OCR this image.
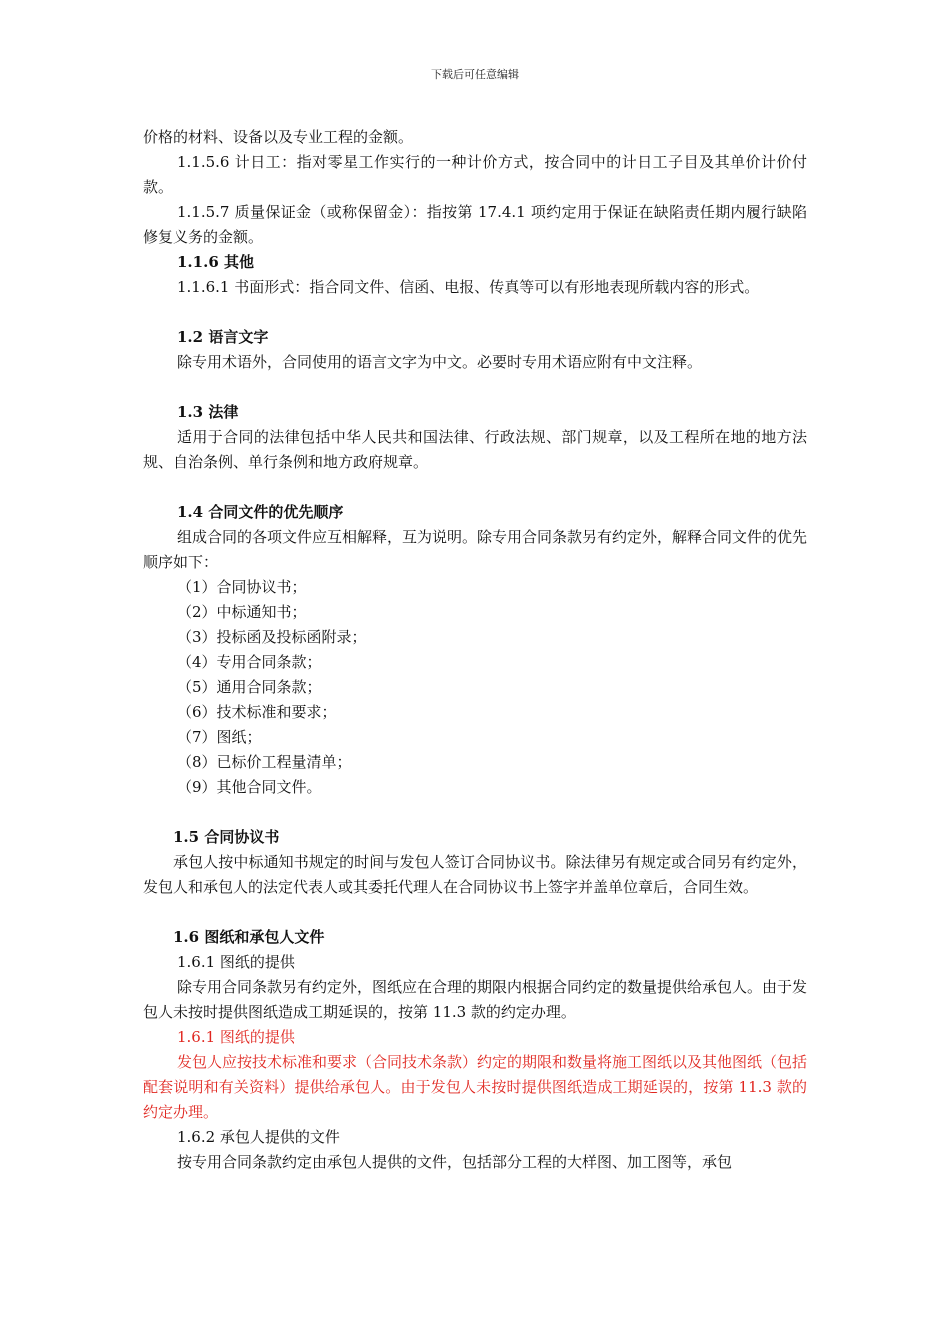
下载后可任意编辑

价格的材料、设备以及专业工程的金额。

1.1.5.6 计日工：指对零星工作实行的一种计价方式，按合同中的计日工子目及其单价计价付款。

1.1.5.7 质量保证金（或称保留金）：指按第 17.4.1 项约定用于保证在缺陷责任期内履行缺陷修复义务的金额。

1.1.6 其他

1.1.6.1 书面形式：指合同文件、信函、电报、传真等可以有形地表现所载内容的形式。

1.2 语言文字

除专用术语外，合同使用的语言文字为中文。必要时专用术语应附有中文注释。

1.3 法律

适用于合同的法律包括中华人民共和国法律、行政法规、部门规章，以及工程所在地的地方法规、自治条例、单行条例和地方政府规章。

1.4 合同文件的优先顺序

组成合同的各项文件应互相解释，互为说明。除专用合同条款另有约定外，解释合同文件的优先顺序如下：

（1）合同协议书；

（2）中标通知书；

（3）投标函及投标函附录；

（4）专用合同条款；

（5）通用合同条款；

（6）技术标准和要求；

（7）图纸；

（8）已标价工程量清单；

（9）其他合同文件。

1.5 合同协议书

承包人按中标通知书规定的时间与发包人签订合同协议书。除法律另有规定或合同另有约定外，发包人和承包人的法定代表人或其委托代理人在合同协议书上签字并盖单位章后，合同生效。

1.6 图纸和承包人文件

1.6.1 图纸的提供

除专用合同条款另有约定外，图纸应在合理的期限内根据合同约定的数量提供给承包人。由于发包人未按时提供图纸造成工期延误的，按第 11.3 款的约定办理。

1.6.1 图纸的提供

发包人应按技术标准和要求（合同技术条款）约定的期限和数量将施工图纸以及其他图纸（包括配套说明和有关资料）提供给承包人。由于发包人未按时提供图纸造成工期延误的，按第 11.3 款的约定办理。

1.6.2 承包人提供的文件

按专用合同条款约定由承包人提供的文件，包括部分工程的大样图、加工图等，承包
